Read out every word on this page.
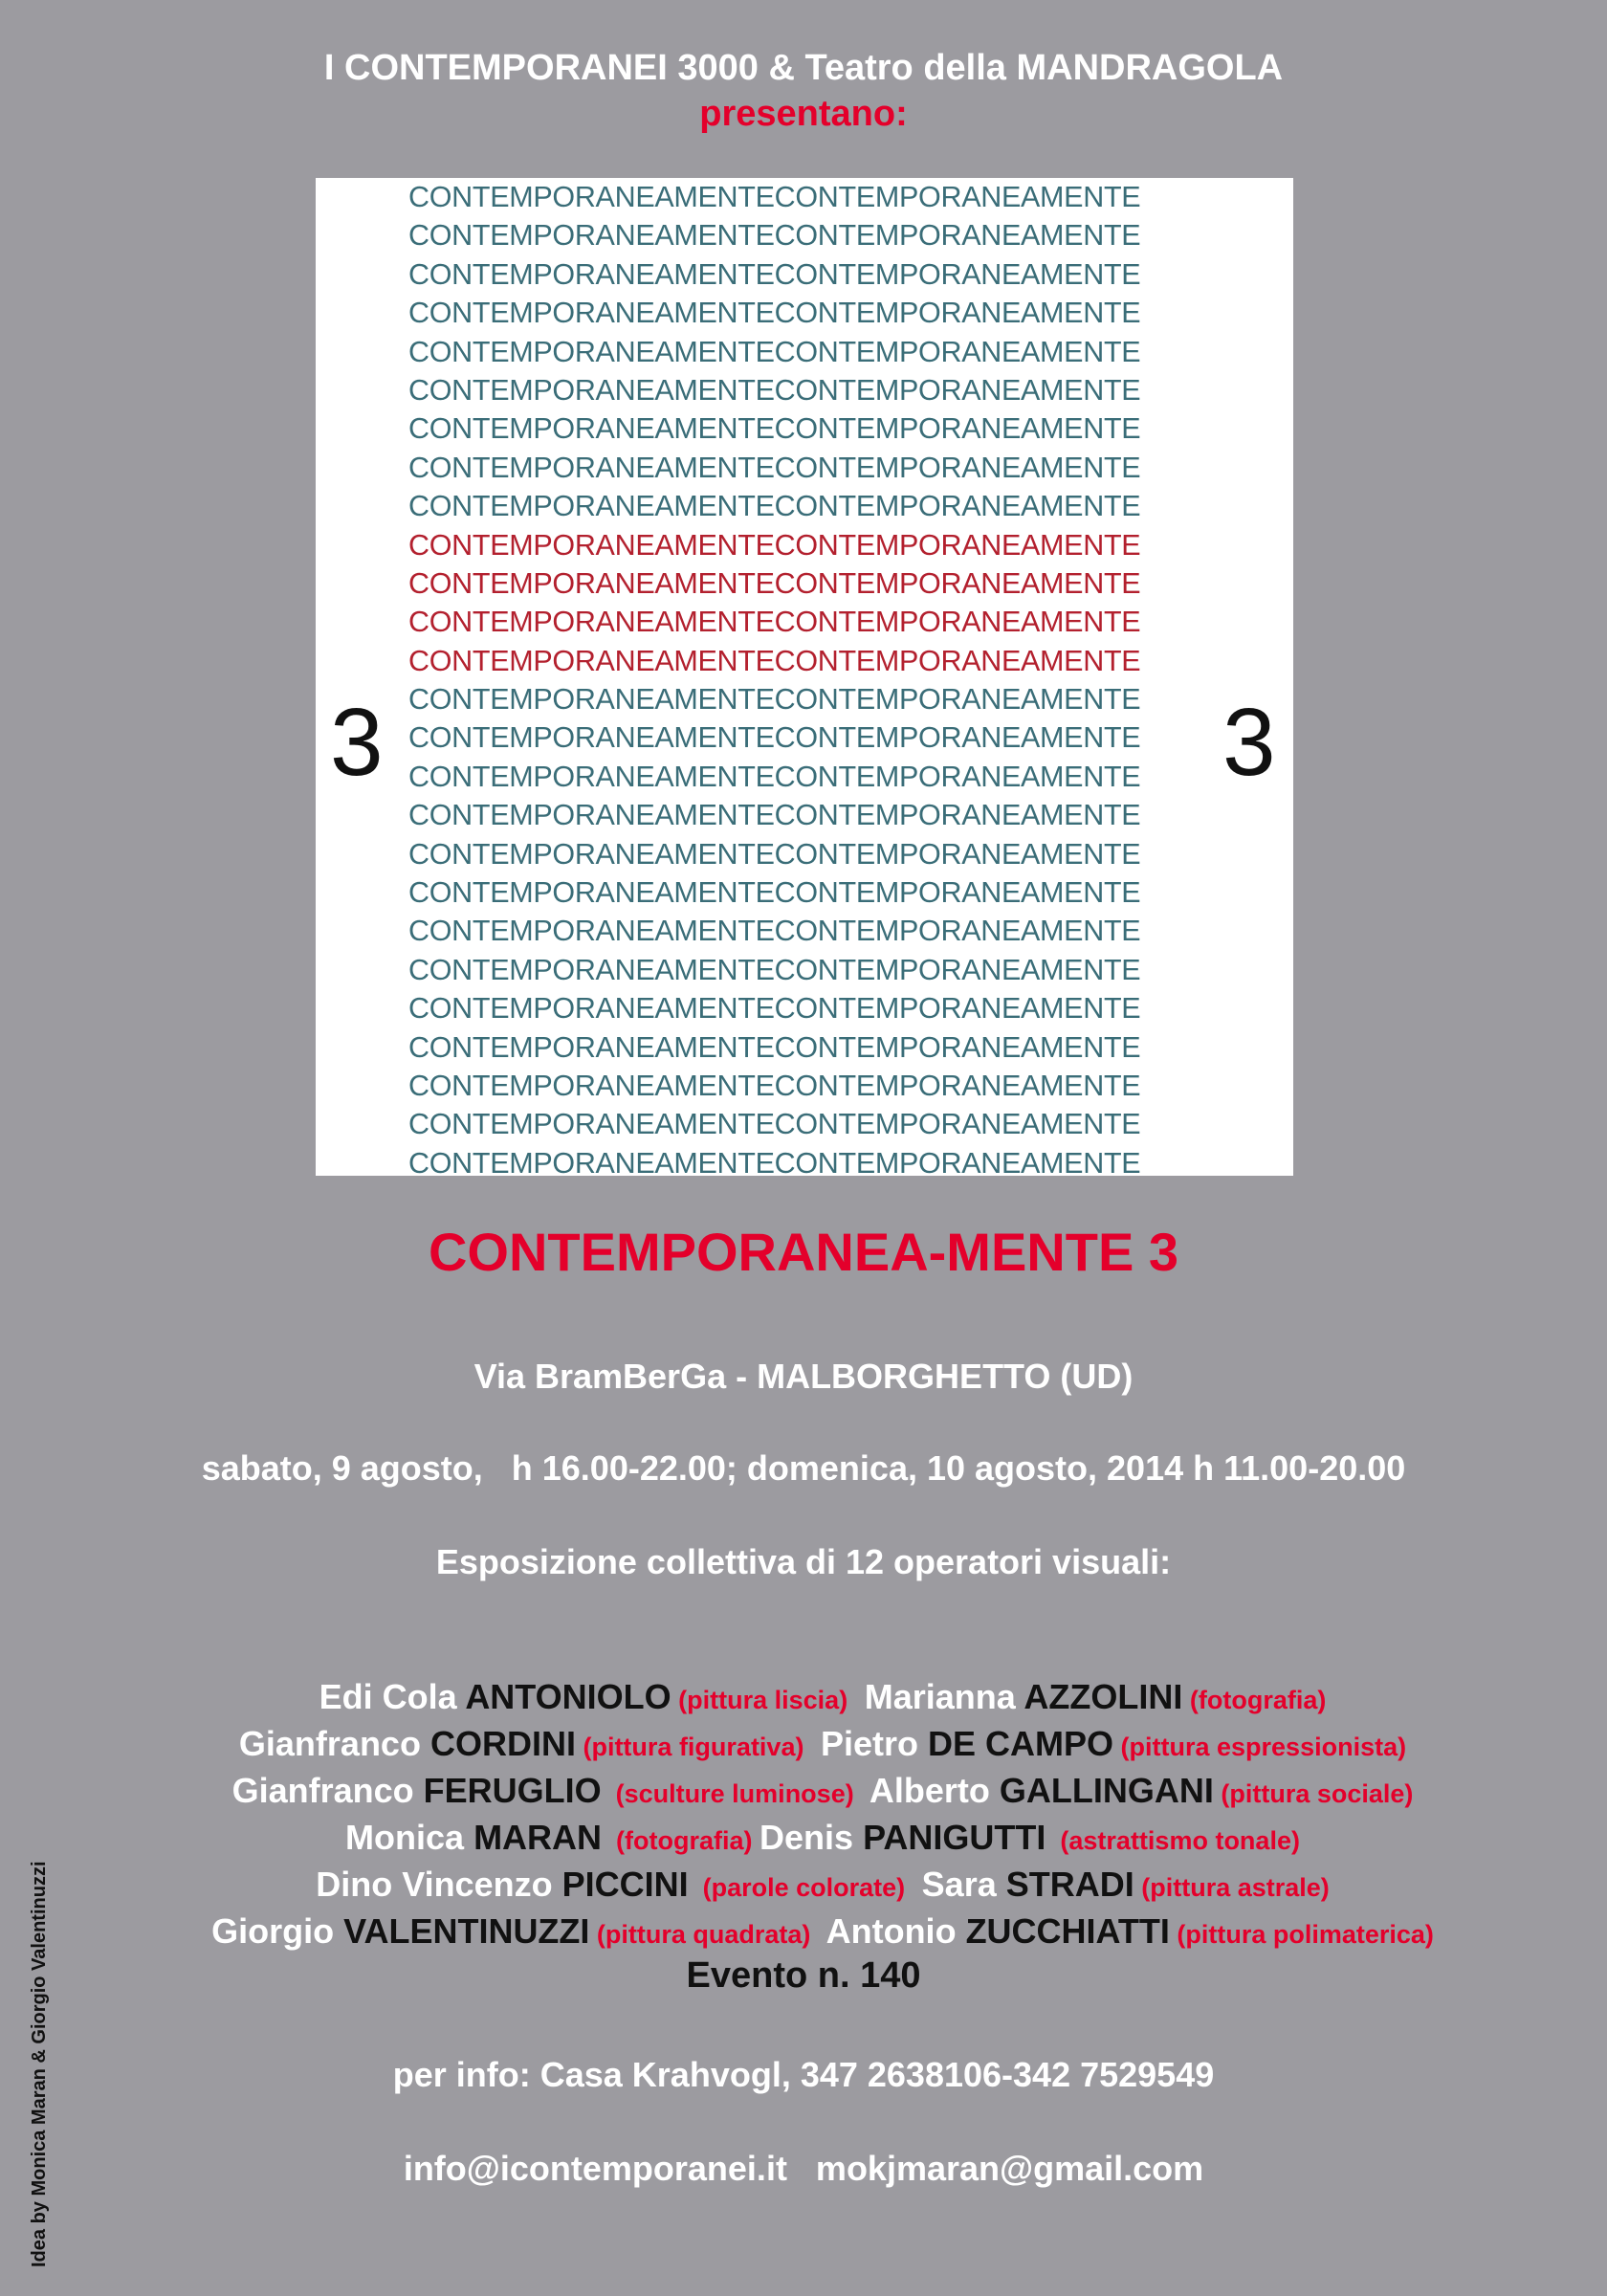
I CONTEMPORANEI 3000 & Teatro della MANDRAGOLA
presentano:
CONTEMPORANEAMENTECONTEMPORANEAMENTE
CONTEMPORANEAMENTECONTEMPORANEAMENTE
CONTEMPORANEAMENTECONTEMPORANEAMENTE
CONTEMPORANEAMENTECONTEMPORANEAMENTE
CONTEMPORANEAMENTECONTEMPORANEAMENTE
CONTEMPORANEAMENTECONTEMPORANEAMENTE
CONTEMPORANEAMENTECONTEMPORANEAMENTE
CONTEMPORANEAMENTECONTEMPORANEAMENTE
CONTEMPORANEAMENTECONTEMPORANEAMENTE
CONTEMPORANEAMENTECONTEMPORANEAMENTE
CONTEMPORANEAMENTECONTEMPORANEAMENTE
CONTEMPORANEAMENTECONTEMPORANEAMENTE
CONTEMPORANEAMENTECONTEMPORANEAMENTE
CONTEMPORANEAMENTECONTEMPORANEAMENTE
CONTEMPORANEAMENTECONTEMPORANEAMENTE
CONTEMPORANEAMENTECONTEMPORANEAMENTE
CONTEMPORANEAMENTECONTEMPORANEAMENTE
CONTEMPORANEAMENTECONTEMPORANEAMENTE
CONTEMPORANEAMENTECONTEMPORANEAMENTE
CONTEMPORANEAMENTECONTEMPORANEAMENTE
CONTEMPORANEAMENTECONTEMPORANEAMENTE
CONTEMPORANEAMENTECONTEMPORANEAMENTE
CONTEMPORANEAMENTECONTEMPORANEAMENTE
CONTEMPORANEAMENTECONTEMPORANEAMENTE
CONTEMPORANEAMENTECONTEMPORANEAMENTE
CONTEMPORANEAMENTECONTEMPORANEAMENTE
3	3
CONTEMPORANEA-MENTE 3
Via BramBerGa - MALBORGHETTO (UD)
sabato, 9 agosto,   h 16.00-22.00; domenica, 10 agosto, 2014 h 11.00-20.00
Esposizione collettiva di 12 operatori visuali:

Edi Cola ANTONIOLO (pittura liscia)  Marianna AZZOLINI (fotografia)

Gianfranco CORDINI (pittura figurativa)  Pietro DE CAMPO (pittura espressionista)

Gianfranco FERUGLIO  (sculture luminose)  Alberto GALLINGANI (pittura sociale)

Monica MARAN  (fotografia) Denis PANIGUTTI  (astrattismo tonale)

Dino Vincenzo PICCINI  (parole colorate)  Sara STRADI (pittura astrale)

Giorgio VALENTINUZZI (pittura quadrata)  Antonio ZUCCHIATTI (pittura polimaterica)

Evento n. 140
per info: Casa Krahvogl, 347 2638106-342 7529549
info@icontemporanei.it   mokjmaran@gmail.com
Idea by Monica Maran & Giorgio Valentinuzzi
